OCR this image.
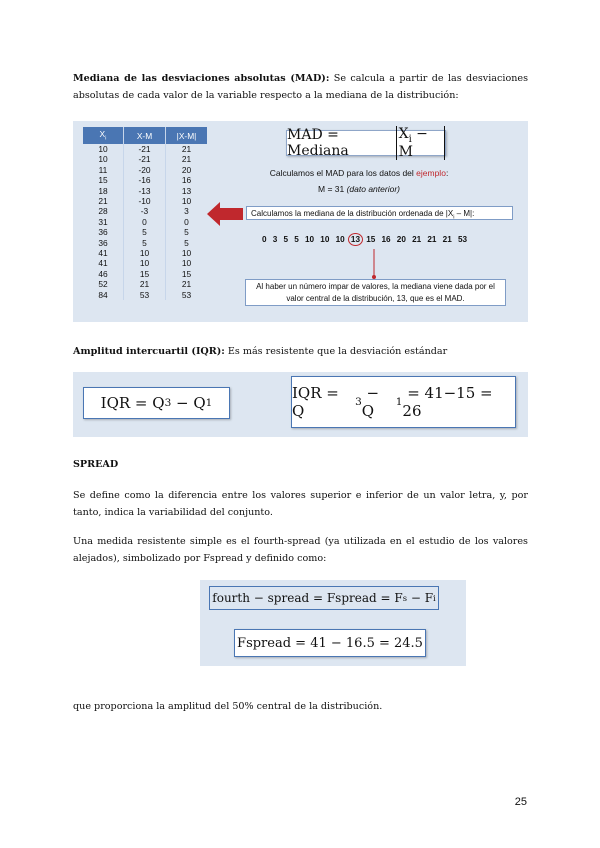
Mediana de las desviaciones absolutas (MAD): Se calcula a partir de las desviaciones absolutas de cada valor de la variable respecto a la mediana de la distribución:
$X_i$	X-M	|X-M|
10	-21	21
10	-21	21
11	-20	20
15	-16	16
18	-13	13
21	-10	10
28	-3	3
31	0	0
36	5	5
36	5	5
41	10	10
41	10	10
46	15	15
52	21	21
84	53	53
MAD = Mediana
$X_i - M$
Calculamos el MAD para los datos del ejemplo:
M = 31 (dato anterior)
Calculamos la mediana de la distribución ordenada de $|X_i - M|$:
0 3 5 5 10 10 10 13 15 16 20 21 21 21 53
Al haber un número impar de valores, la mediana viene dada por el valor central de la distribución, 13, que es el MAD.
Amplitud intercuartil (IQR): Es más resistente que la desviación estándar
IQR = Q 3 − Q 1
IQR = Q	3 − Q 1 = 41−15 = 26
SPREAD
Se define como la diferencia entre los valores superior e inferior de un valor letra, y, por tanto, indica la variabilidad del conjunto.
Una medida resistente simple es el fourth-spread (ya utilizada en el estudio de los valores alejados), simbolizado por Fspread y definido como:
fourth − spread = Fspread = F s − F i
Fspread = 41 − 16.5 = 24.5
que proporciona la amplitud del 50% central de la distribución.
25
